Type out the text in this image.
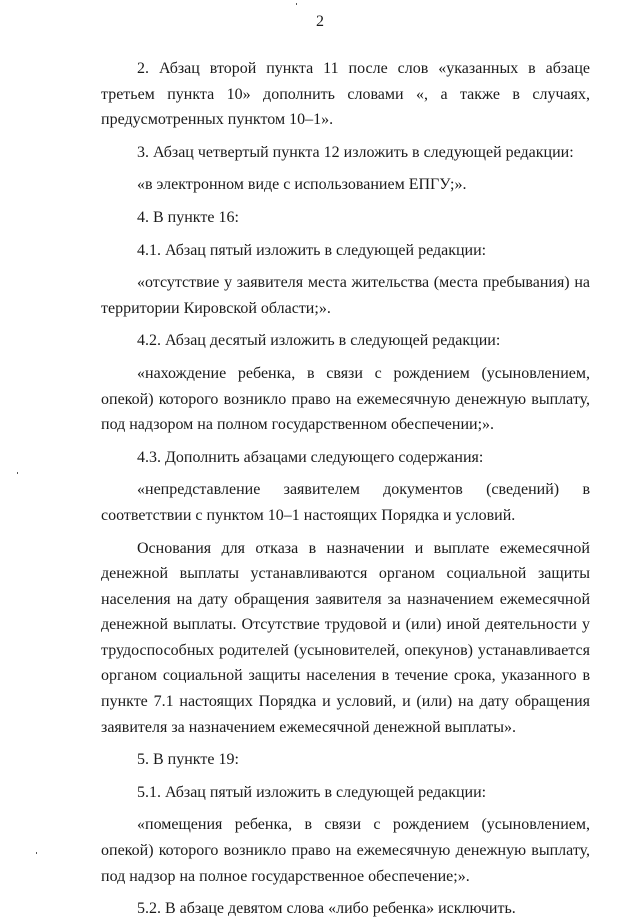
2

2. Абзац второй пункта 11 после слов «указанных в абзаце третьем пункта 10» дополнить словами «, а также в случаях, предусмотренных пунктом 10–1».

3. Абзац четвертый пункта 12 изложить в следующей редакции:

«в электронном виде с использованием ЕПГУ;».

4. В пункте 16:

4.1. Абзац пятый изложить в следующей редакции:

«отсутствие у заявителя места жительства (места пребывания) на территории Кировской области;».

4.2. Абзац десятый изложить в следующей редакции:

«нахождение ребенка, в связи с рождением (усыновлением, опекой) которого возникло право на ежемесячную денежную выплату, под надзором на полном государственном обеспечении;».

4.3. Дополнить абзацами следующего содержания:

«непредставление заявителем документов (сведений) в соответствии с пунктом 10–1 настоящих Порядка и условий.

Основания для отказа в назначении и выплате ежемесячной денежной выплаты устанавливаются органом социальной защиты населения на дату обращения заявителя за назначением ежемесячной денежной выплаты. Отсутствие трудовой и (или) иной деятельности у трудоспособных родителей (усыновителей, опекунов) устанавливается органом социальной защиты населения в течение срока, указанного в пункте 7.1 настоящих Порядка и условий, и (или) на дату обращения заявителя за назначением ежемесячной денежной выплаты».

5. В пункте 19:

5.1. Абзац пятый изложить в следующей редакции:

«помещения ребенка, в связи с рождением (усыновлением, опекой) которого возникло право на ежемесячную денежную выплату, под надзор на полное государственное обеспечение;».

5.2. В абзаце девятом слова «либо ребенка» исключить.
